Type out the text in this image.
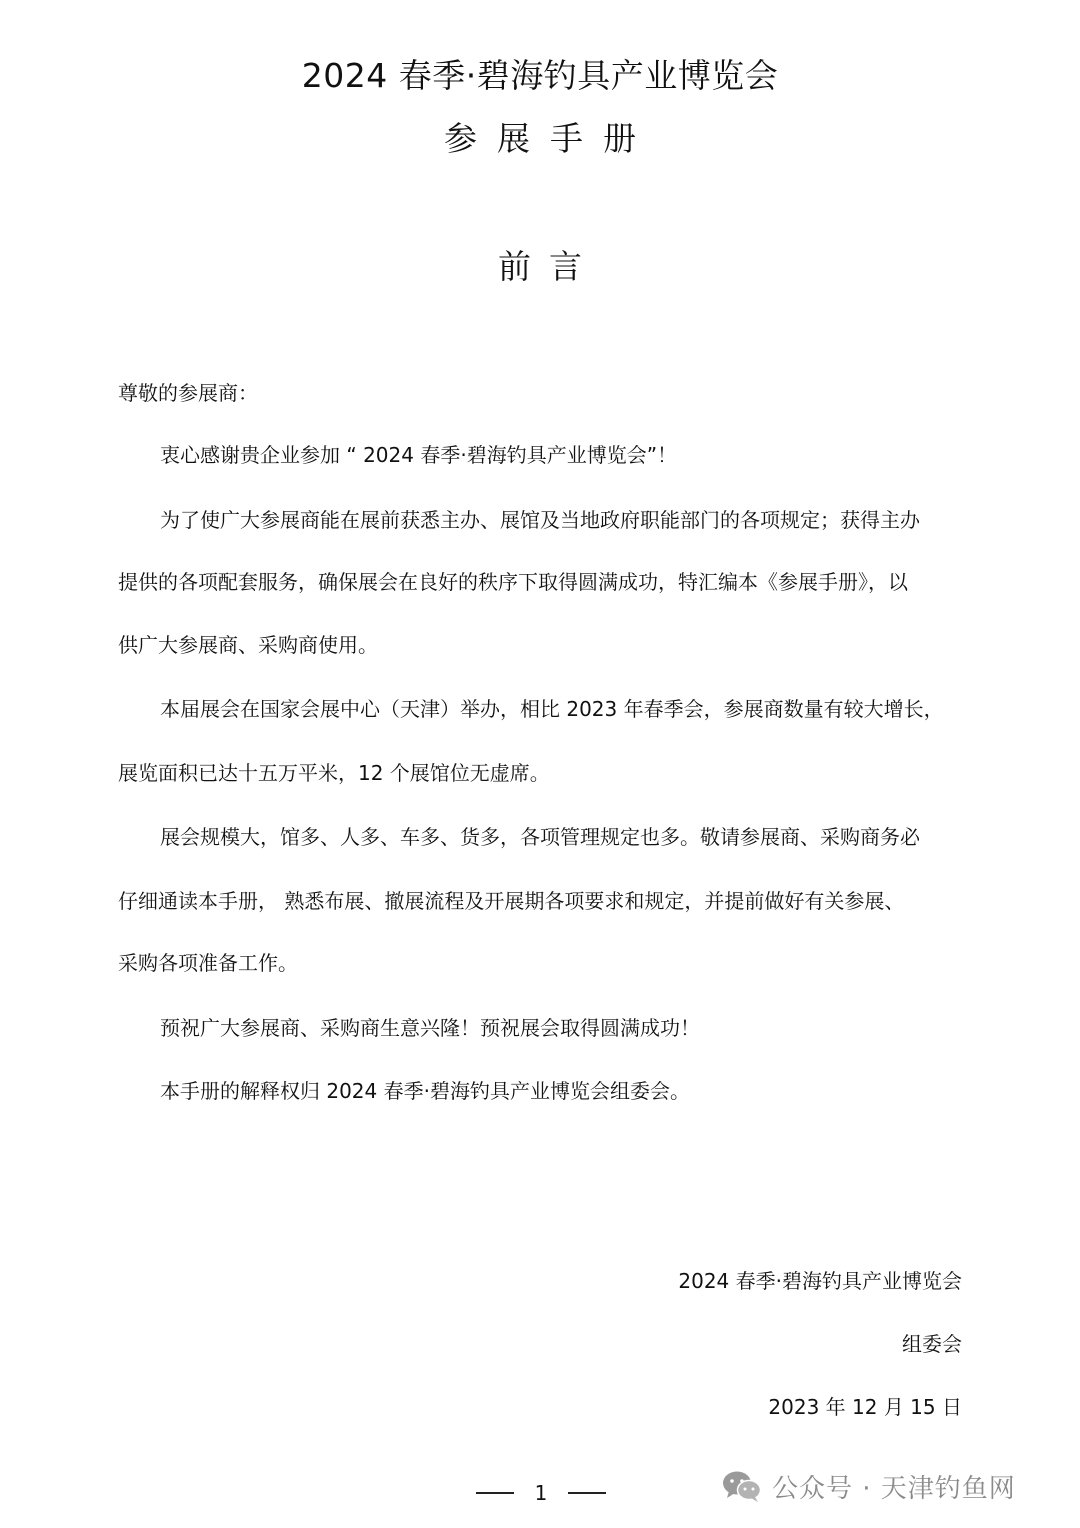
2024 春季·碧海钓具产业博览会
参展手册
前言
尊敬的参展商：
衷心感谢贵企业参加 “ 2024 春季·碧海钓具产业博览会”！
为了使广大参展商能在展前获悉主办、展馆及当地政府职能部门的各项规定；获得主办
提供的各项配套服务，确保展会在良好的秩序下取得圆满成功，特汇编本《参展手册》，以
供广大参展商、采购商使用。
本届展会在国家会展中心（天津）举办，相比 2023 年春季会，参展商数量有较大增长，
展览面积已达十五万平米，12 个展馆位无虚席。
展会规模大，馆多、人多、车多、货多，各项管理规定也多。敬请参展商、采购商务必
仔细通读本手册， 熟悉布展、撤展流程及开展期各项要求和规定，并提前做好有关参展、
采购各项准备工作。
预祝广大参展商、采购商生意兴隆！预祝展会取得圆满成功！
本手册的解释权归 2024 春季·碧海钓具产业博览会组委会。
2024 春季·碧海钓具产业博览会
组委会
2023 年 12 月 15 日
1	公众号 · 天津钓鱼网
